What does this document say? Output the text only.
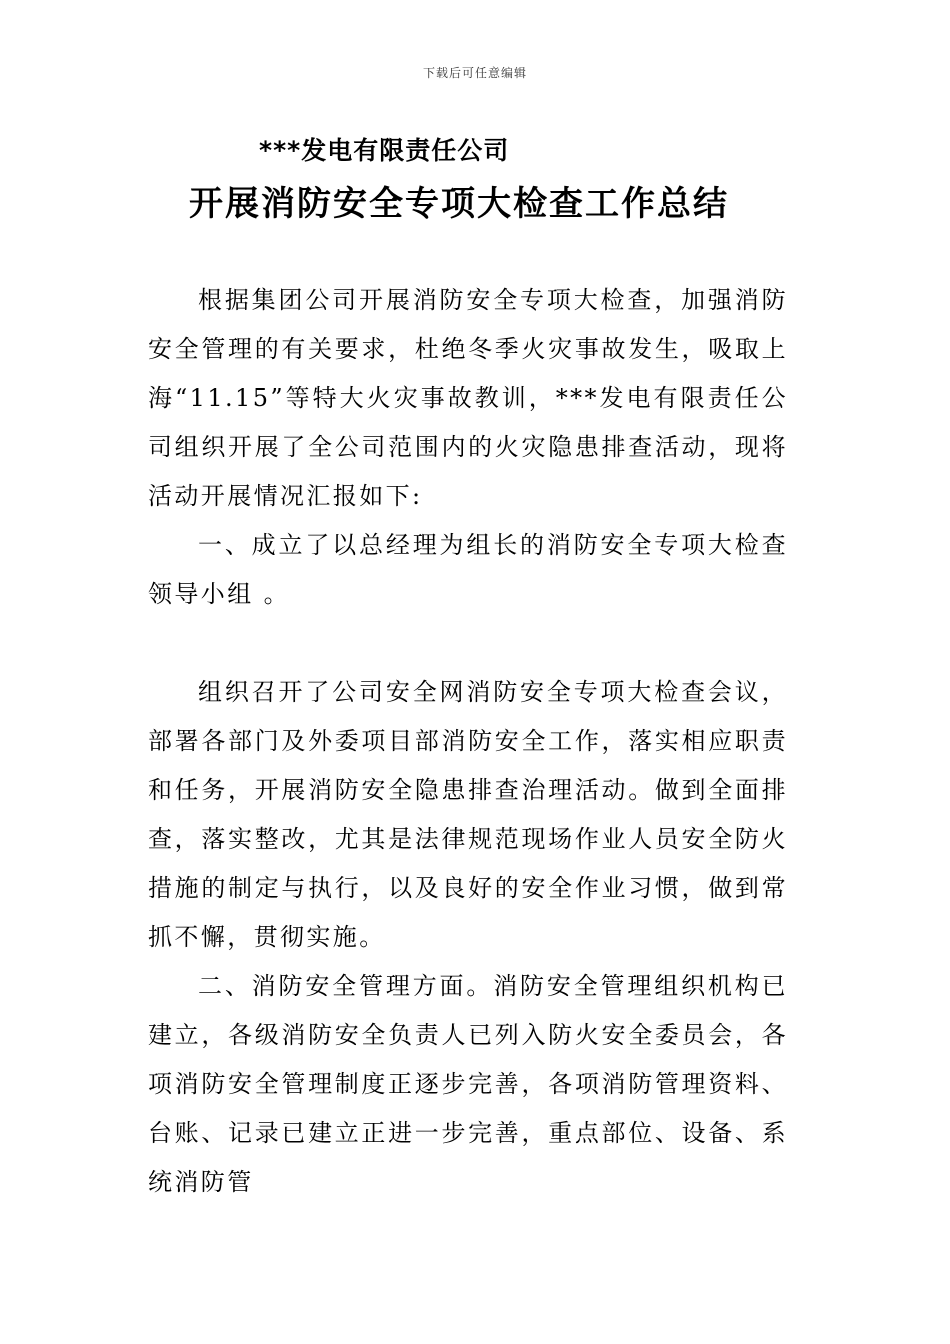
下载后可任意编辑
***发电有限责任公司
开展消防安全专项大检查工作总结

根据集团公司开展消防安全专项大检查，加强消防安全管理的有关要求，杜绝冬季火灾事故发生，吸取上海“11.15”等特大火灾事故教训，***发电有限责任公司组织开展了全公司范围内的火灾隐患排查活动，现将活动开展情况汇报如下:

一、成立了以总经理为组长的消防安全专项大检查领导小组 。

组织召开了公司安全网消防安全专项大检查会议，部署各部门及外委项目部消防安全工作，落实相应职责和任务，开展消防安全隐患排查治理活动。做到全面排查，落实整改，尤其是法律规范现场作业人员安全防火措施的制定与执行，以及良好的安全作业习惯，做到常抓不懈，贯彻实施。

二、消防安全管理方面。消防安全管理组织机构已建立，各级消防安全负责人已列入防火安全委员会，各项消防安全管理制度正逐步完善，各项消防管理资料、台账、记录已建立正进一步完善，重点部位、设备、系统消防管
